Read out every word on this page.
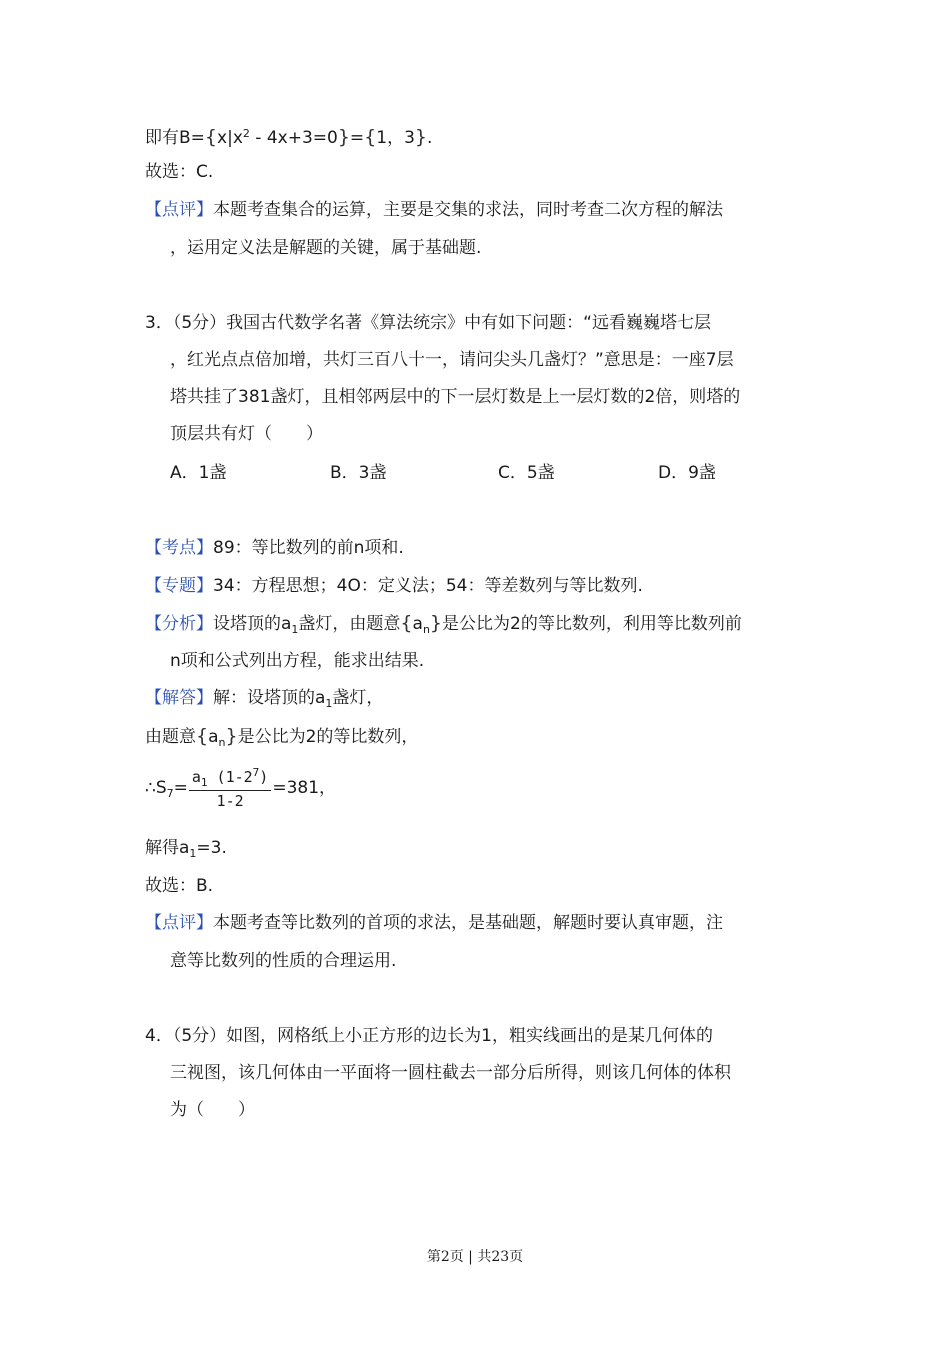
即有$B=\{x|x^2 - 4x+3=0\}=\{1$，3}.
故选：C.
【点评】本题考查集合的运算，主要是交集的求法，同时考查二次方程的解法
，运用定义法是解题的关键，属于基础题.
3．（5分）我国古代数学名著《算法统宗》中有如下问题：“远看巍巍塔七层
，红光点点倍加增，共灯三百八十一，请问尖头几盏灯？”意思是：一座7层
塔共挂了381盏灯，且相邻两层中的下一层灯数是上一层灯数的2倍，则塔的
顶层共有灯（　　）
A．1盏	B．3盏	C．5盏	D．9盏
【考点】89：等比数列的前n项和.
【专题】34：方程思想；4O：定义法；54：等差数列与等比数列.
【分析】设塔顶的$a_1$盏灯，由题意$\{a_n\}$是公比为2的等比数列，利用等比数列前
n项和公式列出方程，能求出结果.
【解答】解：设塔顶的$a_1$盏灯，
由题意$\{a_n\}$是公比为2的等比数列，
$\therefore S_7= \frac{a_1 (1-2^7)}{1-2} =381$，
解得$a_1=3$.
故选：B.
【点评】本题考查等比数列的首项的求法，是基础题，解题时要认真审题，注
意等比数列的性质的合理运用.
4．（5分）如图，网格纸上小正方形的边长为1，粗实线画出的是某几何体的
三视图，该几何体由一平面将一圆柱截去一部分后所得，则该几何体的体积
为（　　）
第2页 | 共23页
